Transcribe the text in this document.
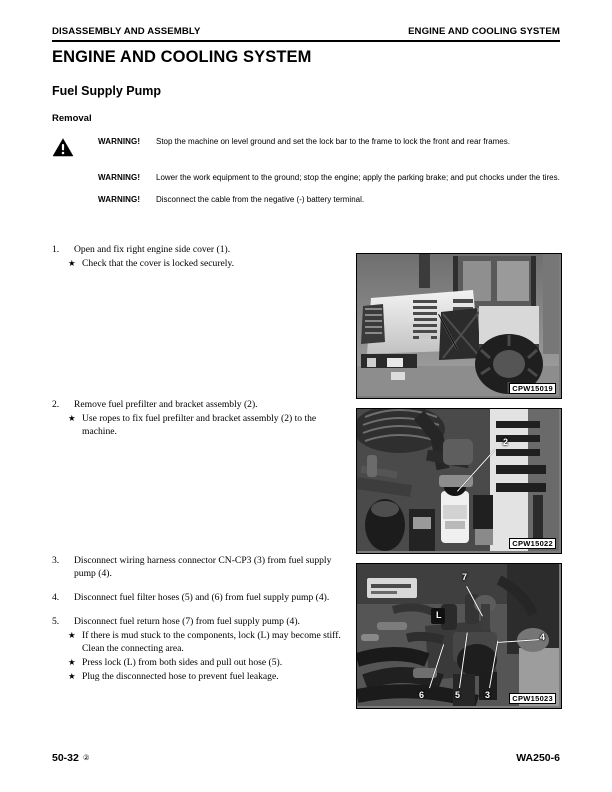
DISASSEMBLY AND ASSEMBLY	ENGINE AND COOLING SYSTEM
ENGINE AND COOLING SYSTEM
Fuel Supply Pump
Removal
WARNING!	Stop the machine on level ground and set the lock bar to the frame to lock the front and rear frames.
WARNING!	Lower the work equipment to the ground; stop the engine; apply the parking brake; and put chocks under the tires.
WARNING!	Disconnect the cable from the negative (-) battery terminal.
1.	Open and fix right engine side cover (1).
★ Check that the cover is locked securely.
2.	Remove fuel prefilter and bracket assembly (2).
★ Use ropes to fix fuel prefilter and bracket assembly (2) to the machine.
3.	Disconnect wiring harness connector CN-CP3 (3) from fuel supply pump (4).
4.	Disconnect fuel filter hoses (5) and (6) from fuel supply pump (4).
5.	Disconnect fuel return hose (7) from fuel supply pump (4).
★ If there is mud stuck to the components, lock (L) may become stiff. Clean the connecting area.
★ Press lock (L) from both sides and pull out hose (5).
★ Plug the disconnected hose to prevent fuel leakage.
CPW15019
2
CPW15022
7
4
L
6	5	3	CPW15023
50-32 ②	WA250-6
